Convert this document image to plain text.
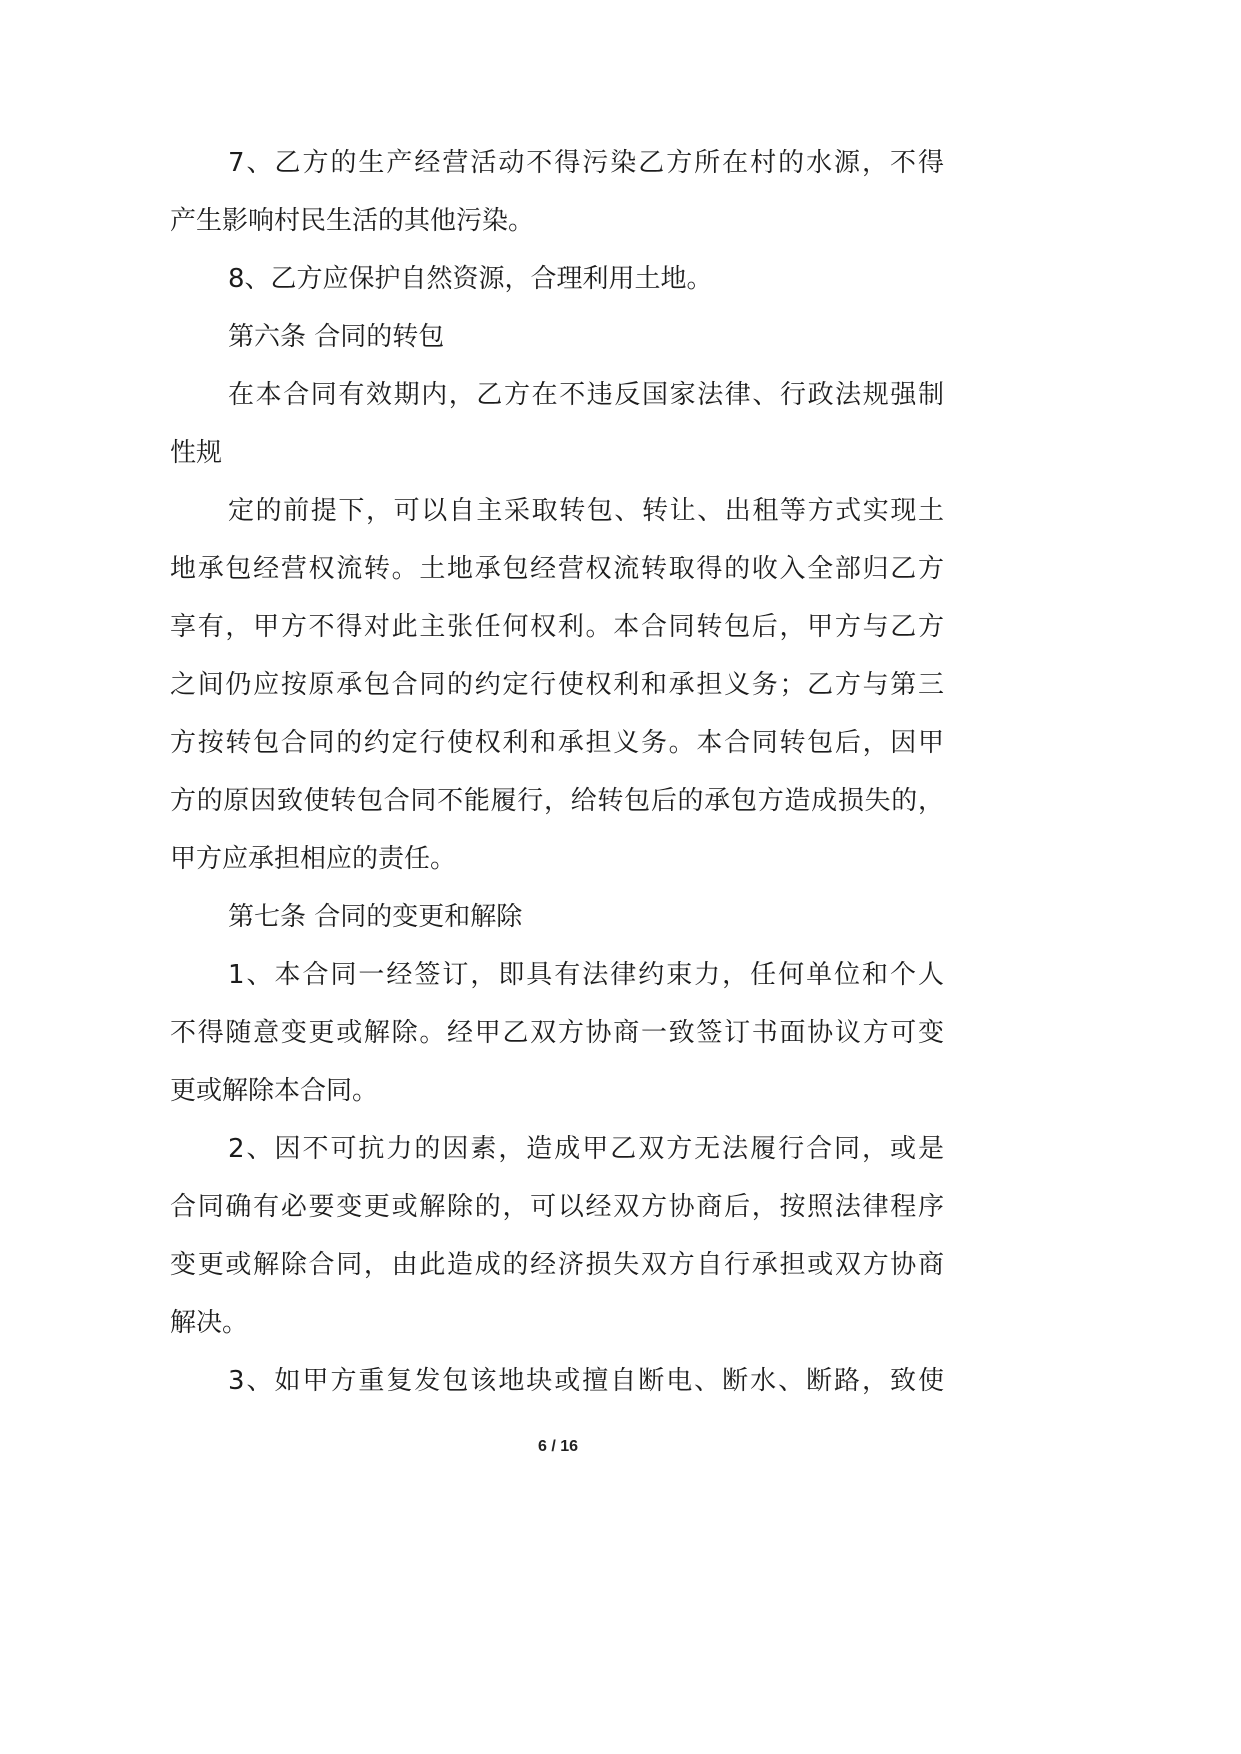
7、乙方的生产经营活动不得污染乙方所在村的水源，不得
产生影响村民生活的其他污染。
8、乙方应保护自然资源，合理利用土地。
第六条 合同的转包
在本合同有效期内，乙方在不违反国家法律、行政法规强制
性规
定的前提下，可以自主采取转包、转让、出租等方式实现土
地承包经营权流转。土地承包经营权流转取得的收入全部归乙方
享有，甲方不得对此主张任何权利。本合同转包后，甲方与乙方
之间仍应按原承包合同的约定行使权利和承担义务；乙方与第三
方按转包合同的约定行使权利和承担义务。本合同转包后，因甲
方的原因致使转包合同不能履行，给转包后的承包方造成损失的，
甲方应承担相应的责任。
第七条 合同的变更和解除
1、本合同一经签订，即具有法律约束力，任何单位和个人
不得随意变更或解除。经甲乙双方协商一致签订书面协议方可变
更或解除本合同。
2、因不可抗力的因素，造成甲乙双方无法履行合同，或是
合同确有必要变更或解除的，可以经双方协商后，按照法律程序
变更或解除合同，由此造成的经济损失双方自行承担或双方协商
解决。
3、如甲方重复发包该地块或擅自断电、断水、断路，致使
6 / 16
